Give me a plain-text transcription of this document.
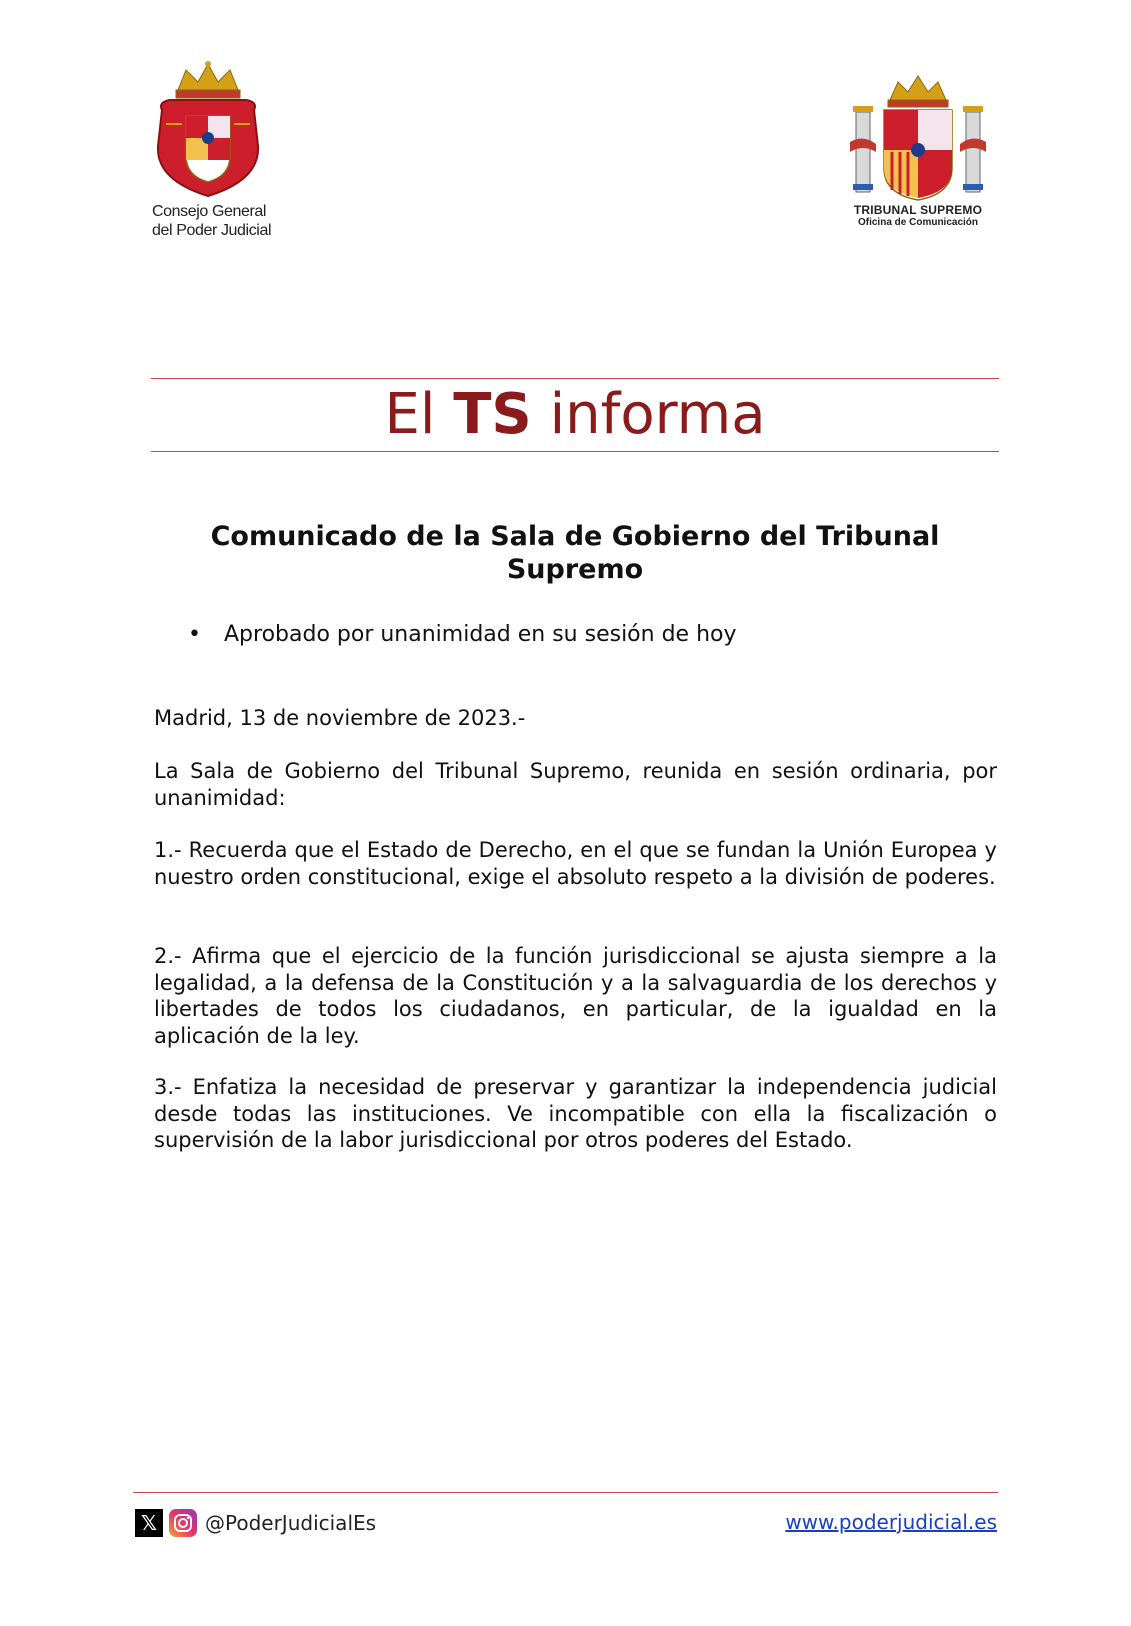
Consejo General
del Poder Judicial
TRIBUNAL SUPREMO
Oficina de Comunicación
El TS informa
Comunicado de la Sala de Gobierno del Tribunal Supremo
• Aprobado por unanimidad en su sesión de hoy
Madrid, 13 de noviembre de 2023.-
La Sala de Gobierno del Tribunal Supremo, reunida en sesión ordinaria, por unanimidad:
1.- Recuerda que el Estado de Derecho, en el que se fundan la Unión Europea y nuestro orden constitucional, exige el absoluto respeto a la división de poderes.
2.- Afirma que el ejercicio de la función jurisdiccional se ajusta siempre a la legalidad, a la defensa de la Constitución y a la salvaguardia de los derechos y libertades de todos los ciudadanos, en particular, de la igualdad en la aplicación de la ley.
3.- Enfatiza la necesidad de preservar y garantizar la independencia judicial desde todas las instituciones. Ve incompatible con ella la fiscalización o supervisión de la labor jurisdiccional por otros poderes del Estado.
𝕏 @PoderJudicialEs	www.poderjudicial.es
